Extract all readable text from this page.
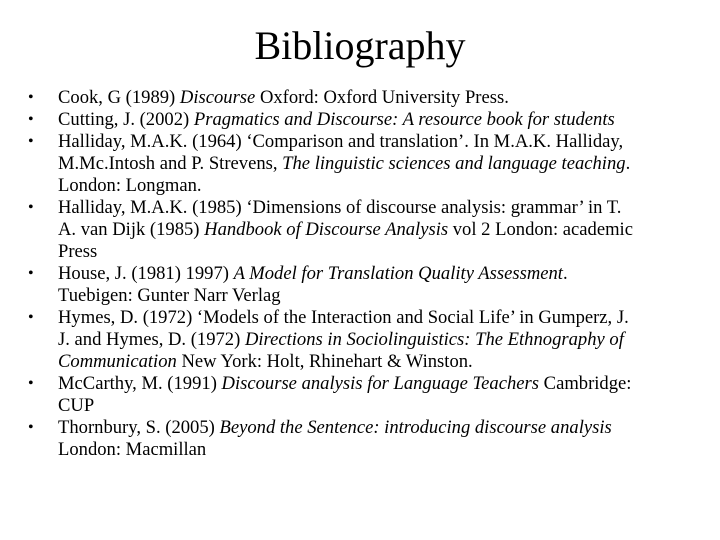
Bibliography
•	Cook, G (1989) Discourse Oxford: Oxford University Press.
•	Cutting, J. (2002) Pragmatics and Discourse: A resource book for students
•	Halliday, M.A.K. (1964) ‘Comparison and translation’. In M.A.K. Halliday,
M.Mc.Intosh and P. Strevens, The linguistic sciences and language teaching.
London: Longman.
•	Halliday, M.A.K. (1985) ‘Dimensions of discourse analysis: grammar’ in T.
A. van Dijk (1985) Handbook of Discourse Analysis vol 2 London: academic
Press
•	House, J. (1981) 1997) A Model for Translation Quality Assessment.
Tuebigen: Gunter Narr Verlag
•	Hymes, D. (1972) ‘Models of the Interaction and Social Life’ in Gumperz, J.
J. and Hymes, D. (1972) Directions in Sociolinguistics: The Ethnography of
Communication New York: Holt, Rhinehart & Winston.
•	McCarthy, M. (1991) Discourse analysis for Language Teachers Cambridge:
CUP
•	Thornbury, S. (2005) Beyond the Sentence: introducing discourse analysis
London: Macmillan
